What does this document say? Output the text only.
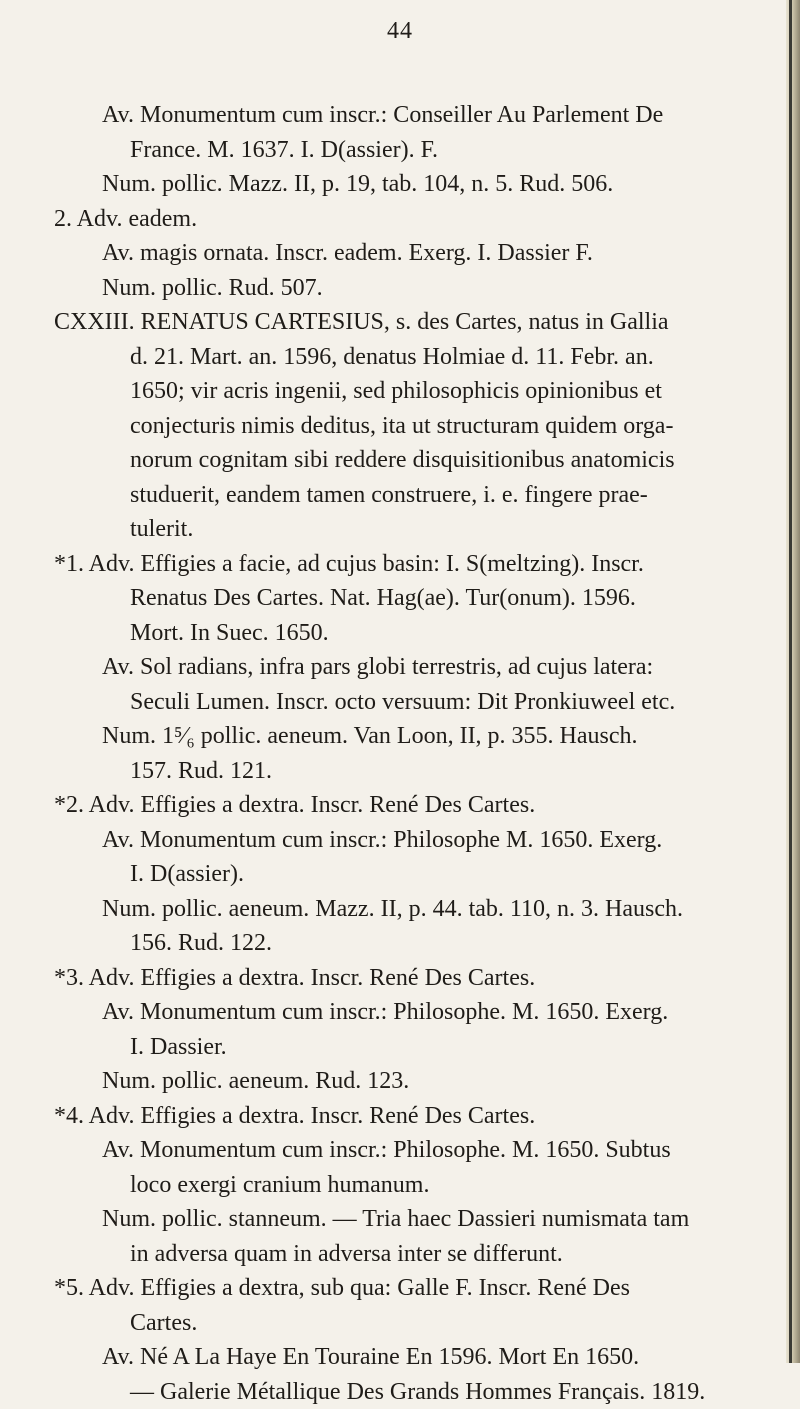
44
Av. Monumentum cum inscr.: Conseiller Au Parlement De
France. M. 1637. I. D(assier). F.
Num. pollic. Mazz. II, p. 19, tab. 104, n. 5. Rud. 506.
2. Adv. eadem.
Av. magis ornata. Inscr. eadem. Exerg. I. Dassier F.
Num. pollic. Rud. 507.
CXXIII. RENATUS CARTESIUS, s. des Cartes, natus in Gallia
d. 21. Mart. an. 1596, denatus Holmiae d. 11. Febr. an.
1650; vir acris ingenii, sed philosophicis opinionibus et
conjecturis nimis deditus, ita ut structuram quidem orga-
norum cognitam sibi reddere disquisitionibus anatomicis
studuerit, eandem tamen construere, i. e. fingere prae-
tulerit.
*1. Adv. Effigies a facie, ad cujus basin: I. S(meltzing). Inscr.
Renatus Des Cartes. Nat. Hag(ae). Tur(onum). 1596.
Mort. In Suec. 1650.
Av. Sol radians, infra pars globi terrestris, ad cujus latera:
Seculi Lumen. Inscr. octo versuum: Dit Pronkiuweel etc.
Num. 1⁵⁄₆ pollic. aeneum. Van Loon, II, p. 355. Hausch.
157. Rud. 121.
*2. Adv. Effigies a dextra. Inscr. René Des Cartes.
Av. Monumentum cum inscr.: Philosophe M. 1650. Exerg.
I. D(assier).
Num. pollic. aeneum. Mazz. II, p. 44. tab. 110, n. 3. Hausch.
156. Rud. 122.
*3. Adv. Effigies a dextra. Inscr. René Des Cartes.
Av. Monumentum cum inscr.: Philosophe. M. 1650. Exerg.
I. Dassier.
Num. pollic. aeneum. Rud. 123.
*4. Adv. Effigies a dextra. Inscr. René Des Cartes.
Av. Monumentum cum inscr.: Philosophe. M. 1650. Subtus
loco exergi cranium humanum.
Num. pollic. stanneum. — Tria haec Dassieri numismata tam
in adversa quam in adversa inter se differunt.
*5. Adv. Effigies a dextra, sub qua: Galle F. Inscr. René Des
Cartes.
Av. Né A La Haye En Touraine En 1596. Mort En 1650.
— Galerie Métallique Des Grands Hommes Français. 1819.
